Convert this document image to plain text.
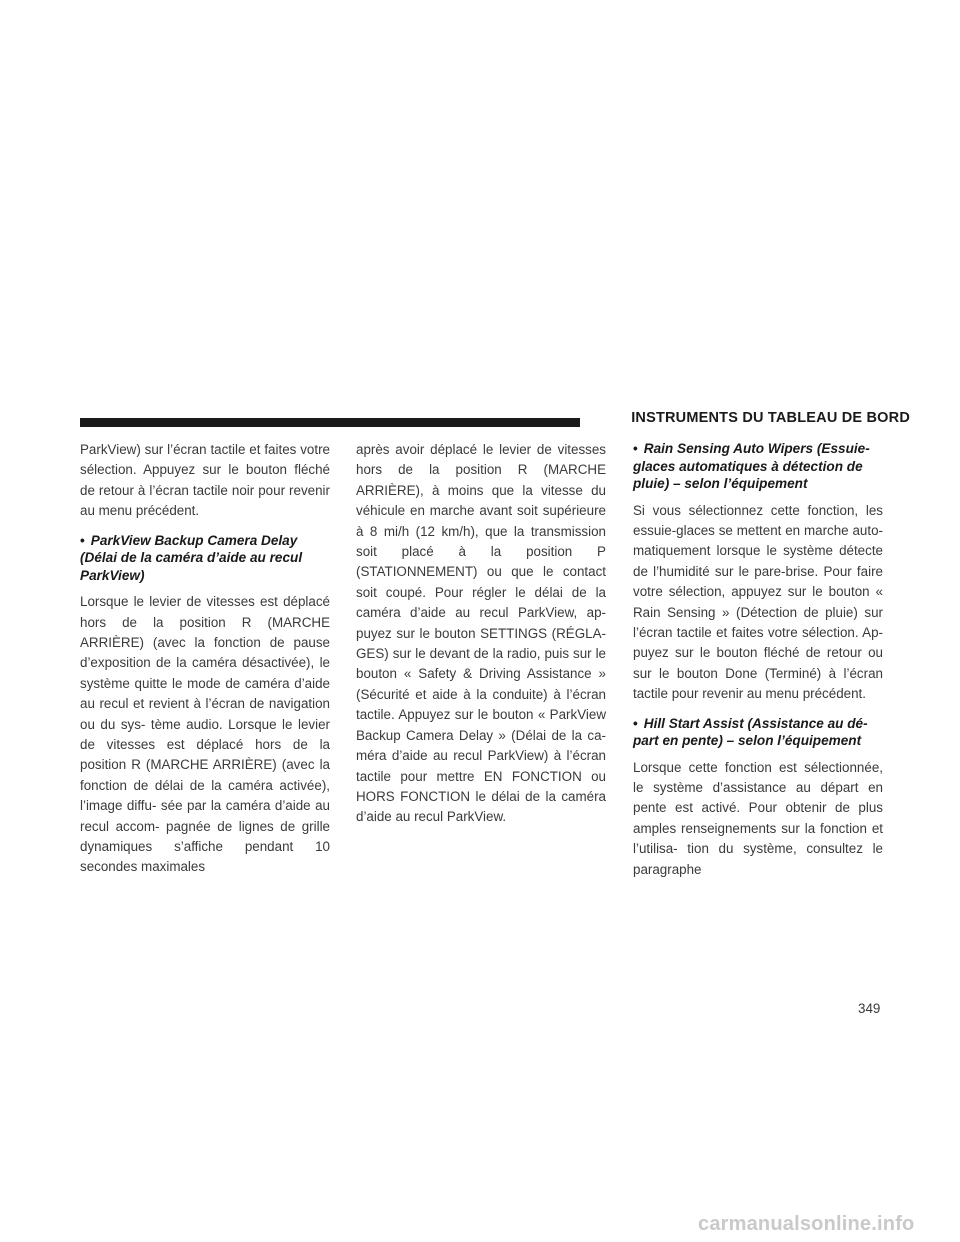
INSTRUMENTS DU TABLEAU DE BORD

ParkView) sur l’écran tactile et faites votre sélection. Appuyez sur le bouton fléché de retour à l’écran tactile noir pour revenir au menu précédent.

• ParkView Backup Camera Delay (Délai de la caméra d’aide au recul ParkView)

Lorsque le levier de vitesses est déplacé hors de la position R (MARCHE ARRIÈRE) (avec la fonction de pause d’exposition de la caméra désactivée), le système quitte le mode de caméra d’aide au recul et revient à l’écran de navigation ou du sys- tème audio. Lorsque le levier de vitesses est déplacé hors de la position R (MARCHE ARRIÈRE) (avec la fonction de délai de la caméra activée), l’image diffu- sée par la caméra d’aide au recul accom- pagnée de lignes de grille dynamiques s’affiche pendant 10 secondes maximales

après avoir déplacé le levier de vitesses hors de la position R (MARCHE ARRIÈRE), à moins que la vitesse du véhicule en marche avant soit supérieure à 8 mi/h (12 km/h), que la transmission soit placé à la position P (STATIONNEMENT) ou que le contact soit coupé. Pour régler le délai de la caméra d’aide au recul ParkView, ap- puyez sur le bouton SETTINGS (RÉGLA- GES) sur le devant de la radio, puis sur le bouton « Safety & Driving Assistance » (Sécurité et aide à la conduite) à l’écran tactile. Appuyez sur le bouton « ParkView Backup Camera Delay » (Délai de la ca- méra d’aide au recul ParkView) à l’écran tactile pour mettre EN FONCTION ou HORS FONCTION le délai de la caméra d’aide au recul ParkView.

• Rain Sensing Auto Wipers (Essuie- glaces automatiques à détection de pluie) – selon l’équipement

Si vous sélectionnez cette fonction, les essuie-glaces se mettent en marche auto- matiquement lorsque le système détecte de l’humidité sur le pare-brise. Pour faire votre sélection, appuyez sur le bouton « Rain Sensing » (Détection de pluie) sur l’écran tactile et faites votre sélection. Ap- puyez sur le bouton fléché de retour ou sur le bouton Done (Terminé) à l’écran tactile pour revenir au menu précédent.

• Hill Start Assist (Assistance au dé- part en pente) – selon l’équipement

Lorsque cette fonction est sélectionnée, le système d’assistance au départ en pente est activé. Pour obtenir de plus amples renseignements sur la fonction et l’utilisa- tion du système, consultez le paragraphe

349
carmanualsonline.info
